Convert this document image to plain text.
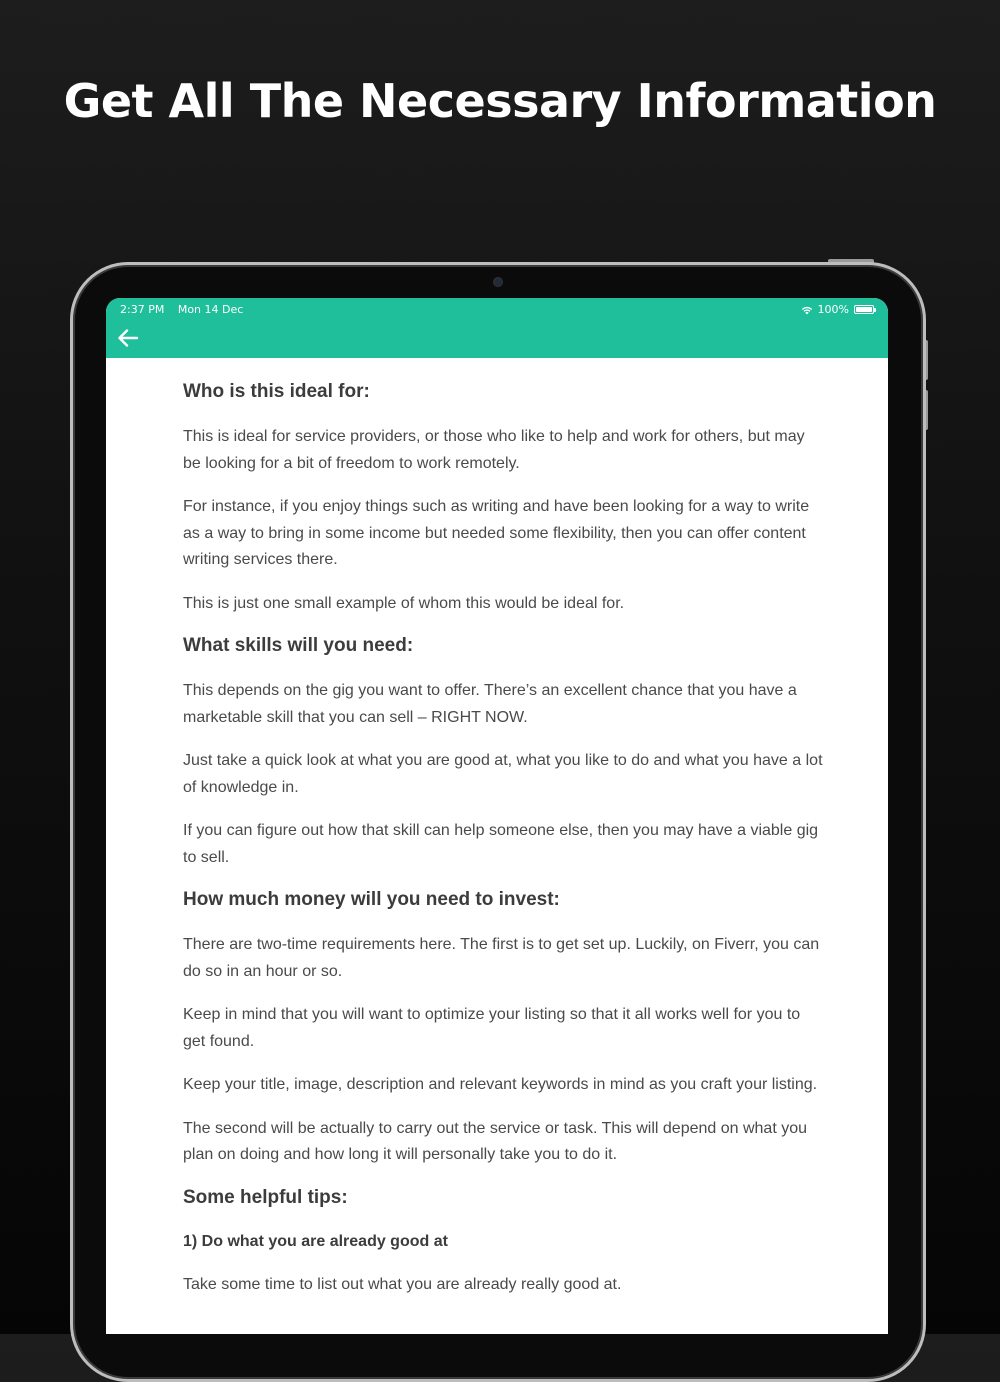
Get All The Necessary Information
2:37 PM Mon 14 Dec	100%
Who is this ideal for:

This is ideal for service providers, or those who like to help and work for others, but may be looking for a bit of freedom to work remotely.

For instance, if you enjoy things such as writing and have been looking for a way to write as a way to bring in some income but needed some flexibility, then you can offer content writing services there.

This is just one small example of whom this would be ideal for.

What skills will you need:

This depends on the gig you want to offer. There’s an excellent chance that you have a marketable skill that you can sell – RIGHT NOW.

Just take a quick look at what you are good at, what you like to do and what you have a lot of knowledge in.

If you can figure out how that skill can help someone else, then you may have a viable gig to sell.

How much money will you need to invest:

There are two-time requirements here. The first is to get set up. Luckily, on Fiverr, you can do so in an hour or so.

Keep in mind that you will want to optimize your listing so that it all works well for you to get found.

Keep your title, image, description and relevant keywords in mind as you craft your listing.

The second will be actually to carry out the service or task. This will depend on what you plan on doing and how long it will personally take you to do it.

Some helpful tips:
1) Do what you are already good at

Take some time to list out what you are already really good at.
